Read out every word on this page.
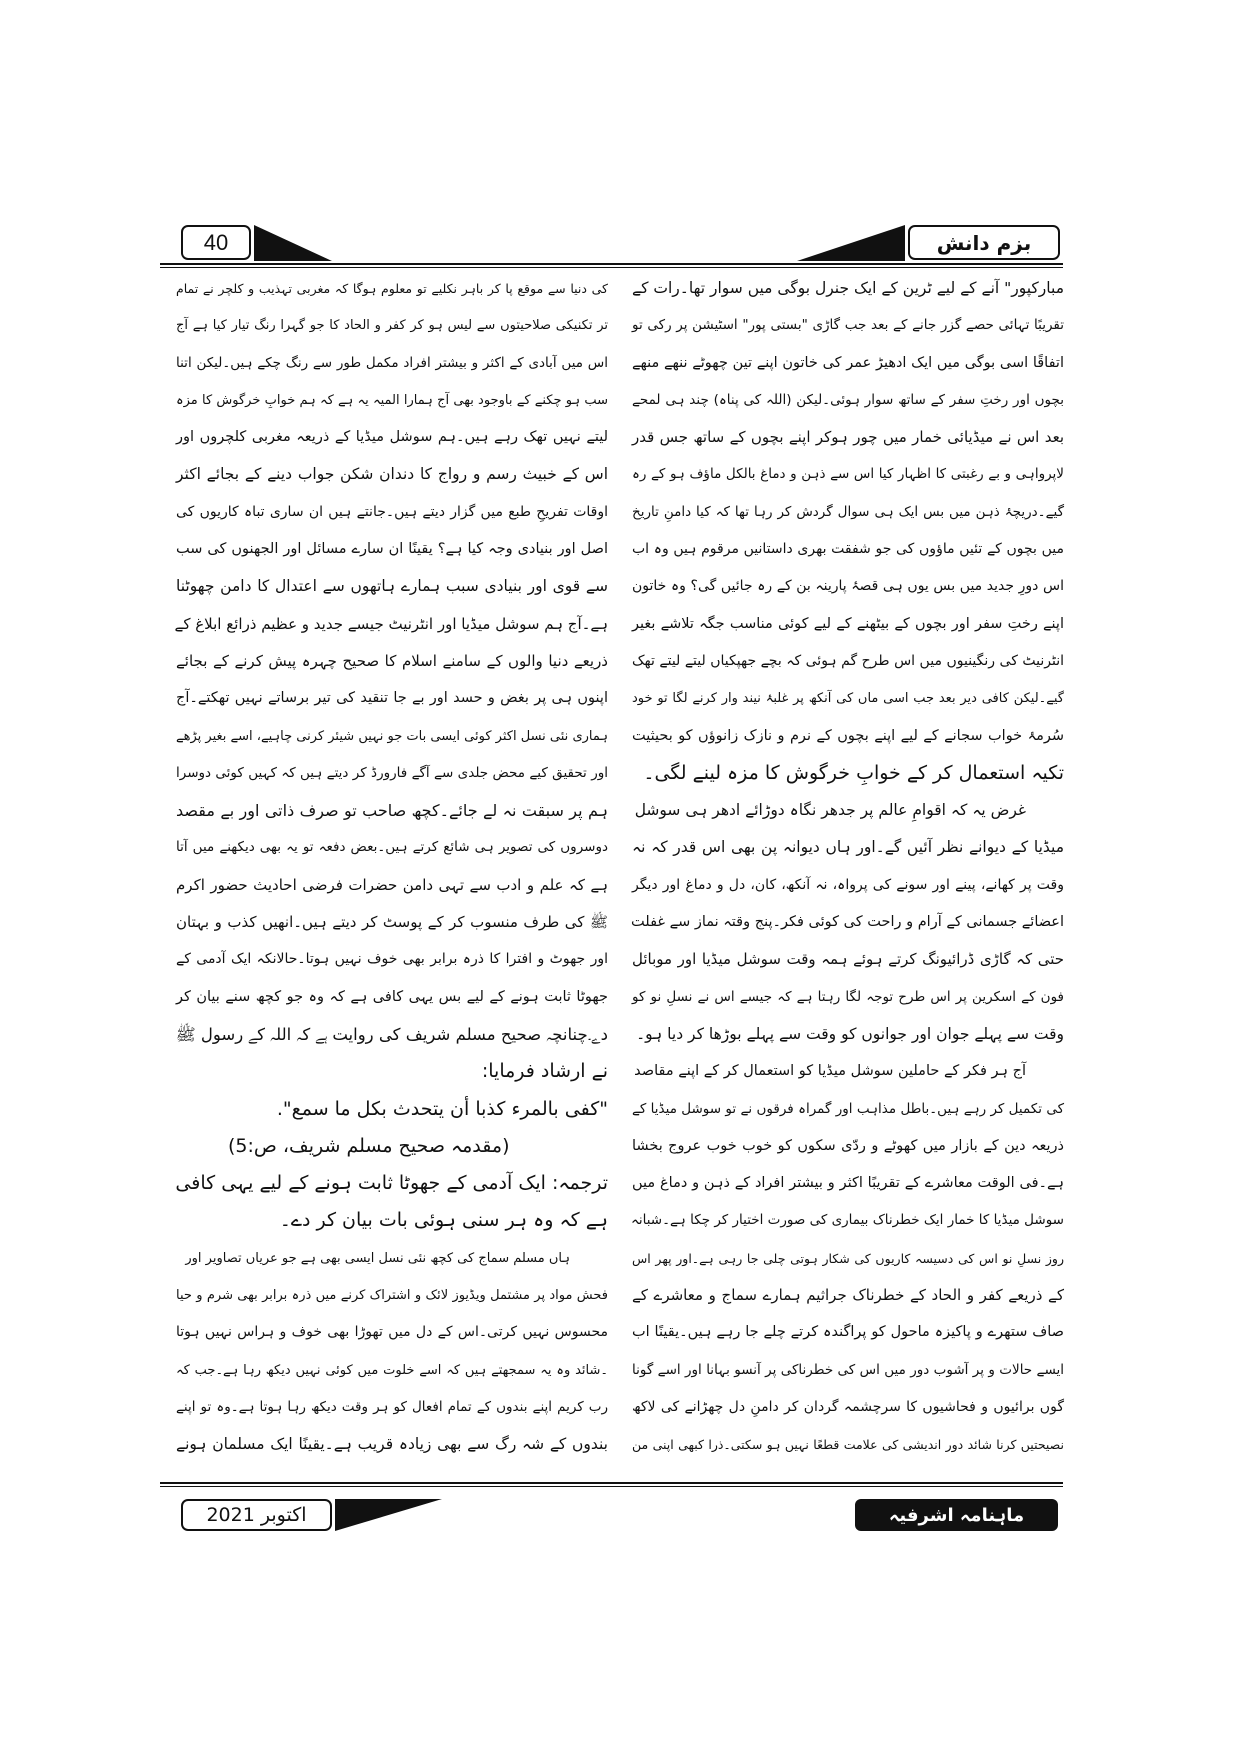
40	بزم دانش
مبارکپور" آنے کے لیے ٹرین کے ایک جنرل بوگی میں سوار تھا۔رات کے
تقریبًا تہائی حصے گزر جانے کے بعد جب گاڑی "بستی پور" اسٹیشن پر رکی تو
اتفاقًا اسی بوگی میں ایک ادھیڑ عمر کی خاتون اپنے تین چھوٹے ننھے منھے
بچوں اور رختِ سفر کے ساتھ سوار ہوئی۔لیکن (اللہ کی پناہ) چند ہی لمحے
بعد اس نے میڈیائی خمار میں چور ہوکر اپنے بچوں کے ساتھ جس قدر
لاپرواہی و بے رغبتی کا اظہار کیا اس سے ذہن و دماغ بالکل ماؤف ہو کے رہ
گیے۔دریچۂ ذہن میں بس ایک ہی سوال گردش کر رہا تھا کہ کیا دامنِ تاریخ
میں بچوں کے تئیں ماؤوں کی جو شفقت بھری داستانیں مرقوم ہیں وہ اب
اس دورِ جدید میں بس یوں ہی قصۂ پارینہ بن کے رہ جائیں گی؟ وہ خاتون
اپنے رختِ سفر اور بچوں کے بیٹھنے کے لیے کوئی مناسب جگہ تلاشے بغیر
انٹرنیٹ کی رنگینیوں میں اس طرح گم ہوئی کہ بچے جھپکیاں لیتے لیتے تھک
گیے۔لیکن کافی دیر بعد جب اسی ماں کی آنکھ پر غلبۂ نیند وار کرنے لگا تو خود
سُرمۂ خواب سجانے کے لیے اپنے بچوں کے نرم و نازک زانوؤں کو بحیثیت
تکیہ استعمال کر کے خوابِ خرگوش کا مزہ لینے لگی۔
غرض یہ کہ اقوامِ عالم پر جدھر نگاہ دوڑائے ادھر ہی سوشل
میڈیا کے دیوانے نظر آئیں گے۔اور ہاں دیوانہ پن بھی اس قدر کہ نہ
وقت پر کھانے، پینے اور سونے کی پرواہ، نہ آنکھ، کان، دل و دماغ اور دیگر
اعضائے جسمانی کے آرام و راحت کی کوئی فکر۔پنج وقتہ نماز سے غفلت
حتی کہ گاڑی ڈرائیونگ کرتے ہوئے ہمہ وقت سوشل میڈیا اور موبائل
فون کے اسکرین پر اس طرح توجہ لگا رہتا ہے کہ جیسے اس نے نسلِ نو کو
وقت سے پہلے جوان اور جوانوں کو وقت سے پہلے بوڑھا کر دیا ہو۔
آج ہر فکر کے حاملین سوشل میڈیا کو استعمال کر کے اپنے مقاصد
کی تکمیل کر رہے ہیں۔باطل مذاہب اور گمراہ فرقوں نے تو سوشل میڈیا کے
ذریعہ دین کے بازار میں کھوٹے و ردّی سکوں کو خوب خوب عروج بخشا
ہے۔فی الوقت معاشرے کے تقریبًا اکثر و بیشتر افراد کے ذہن و دماغ میں
سوشل میڈیا کا خمار ایک خطرناک بیماری کی صورت اختیار کر چکا ہے۔شبانہ
روز نسلِ نو اس کی دسیسہ کاریوں کی شکار ہوتی چلی جا رہی ہے۔اور پھر اس
کے ذریعے کفر و الحاد کے خطرناک جراثیم ہمارے سماج و معاشرے کے
صاف ستھرے و پاکیزہ ماحول کو پراگندہ کرتے چلے جا رہے ہیں۔یقینًا اب
ایسے حالات و پر آشوب دور میں اس کی خطرناکی پر آنسو بہانا اور اسے گونا
گوں برائیوں و فحاشیوں کا سرچشمہ گردان کر دامنِ دل چھڑانے کی لاکھ
نصیحتیں کرنا شائد دور اندیشی کی علامت قطعًا نہیں ہو سکتی۔ذرا کبھی اپنی من
کی دنیا سے موقع پا کر باہر نکلیے تو معلوم ہوگا کہ مغربی تہذیب و کلچر نے تمام
تر تکنیکی صلاحیتوں سے لیس ہو کر کفر و الحاد کا جو گہرا رنگ تیار کیا ہے آج
اس میں آبادی کے اکثر و بیشتر افراد مکمل طور سے رنگ چکے ہیں۔لیکن اتنا
سب ہو چکنے کے باوجود بھی آج ہمارا المیہ یہ ہے کہ ہم خوابِ خرگوش کا مزہ
لیتے نہیں تھک رہے ہیں۔ہم سوشل میڈیا کے ذریعہ مغربی کلچروں اور
اس کے خبیث رسم و رواج کا دندان شکن جواب دینے کے بجائے اکثر
اوقات تفریحِ طبع میں گزار دیتے ہیں۔جانتے ہیں ان ساری تباہ کاریوں کی
اصل اور بنیادی وجہ کیا ہے؟ یقینًا ان سارے مسائل اور الجھنوں کی سب
سے قوی اور بنیادی سبب ہمارے ہاتھوں سے اعتدال کا دامن چھوٹنا
ہے۔آج ہم سوشل میڈیا اور انٹرنیٹ جیسے جدید و عظیم ذرائع ابلاغ کے
ذریعے دنیا والوں کے سامنے اسلام کا صحیح چہرہ پیش کرنے کے بجائے
اپنوں ہی پر بغض و حسد اور بے جا تنقید کی تیر برساتے نہیں تھکتے۔آج
ہماری نئی نسل اکثر کوئی ایسی بات جو نہیں شیئر کرنی چاہیے، اسے بغیر پڑھے
اور تحقیق کیے محض جلدی سے آگے فارورڈ کر دیتے ہیں کہ کہیں کوئی دوسرا
ہم پر سبقت نہ لے جائے۔کچھ صاحب تو صرف ذاتی اور بے مقصد
دوسروں کی تصویر ہی شائع کرتے ہیں۔بعض دفعہ تو یہ بھی دیکھنے میں آتا
ہے کہ علم و ادب سے تہی دامن حضرات فرضی احادیث حضور اکرم
ﷺ کی طرف منسوب کر کے پوسٹ کر دیتے ہیں۔انھیں کذب و بہتان
اور جھوٹ و افترا کا ذرہ برابر بھی خوف نہیں ہوتا۔حالانکہ ایک آدمی کے
جھوٹا ثابت ہونے کے لیے بس یہی کافی ہے کہ وہ جو کچھ سنے بیان کر
دے۔چنانچہ صحیح مسلم شریف کی روایت ہے کہ اللہ کے رسول ﷺ
نے ارشاد فرمایا:
"کفی بالمرء کذبا أن یتحدث بکل ما سمع".
(مقدمہ صحیح مسلم شریف، ص:5)
ترجمہ: ایک آدمی کے جھوٹا ثابت ہونے کے لیے یہی کافی
ہے کہ وہ ہر سنی ہوئی بات بیان کر دے۔
ہاں مسلم سماج کی کچھ نئی نسل ایسی بھی ہے جو عریاں تصاویر اور
فحش مواد پر مشتمل ویڈیوز لائک و اشتراک کرنے میں ذرہ برابر بھی شرم و حیا
محسوس نہیں کرتی۔اس کے دل میں تھوڑا بھی خوف و ہراس نہیں ہوتا
۔شائد وہ یہ سمجھتے ہیں کہ اسے خلوت میں کوئی نہیں دیکھ رہا ہے۔جب کہ
رب کریم اپنے بندوں کے تمام افعال کو ہر وقت دیکھ رہا ہوتا ہے۔وہ تو اپنے
بندوں کے شہ رگ سے بھی زیادہ قریب ہے۔یقینًا ایک مسلمان ہونے
اکتوبر 2021	ماہنامہ اشرفیہ
